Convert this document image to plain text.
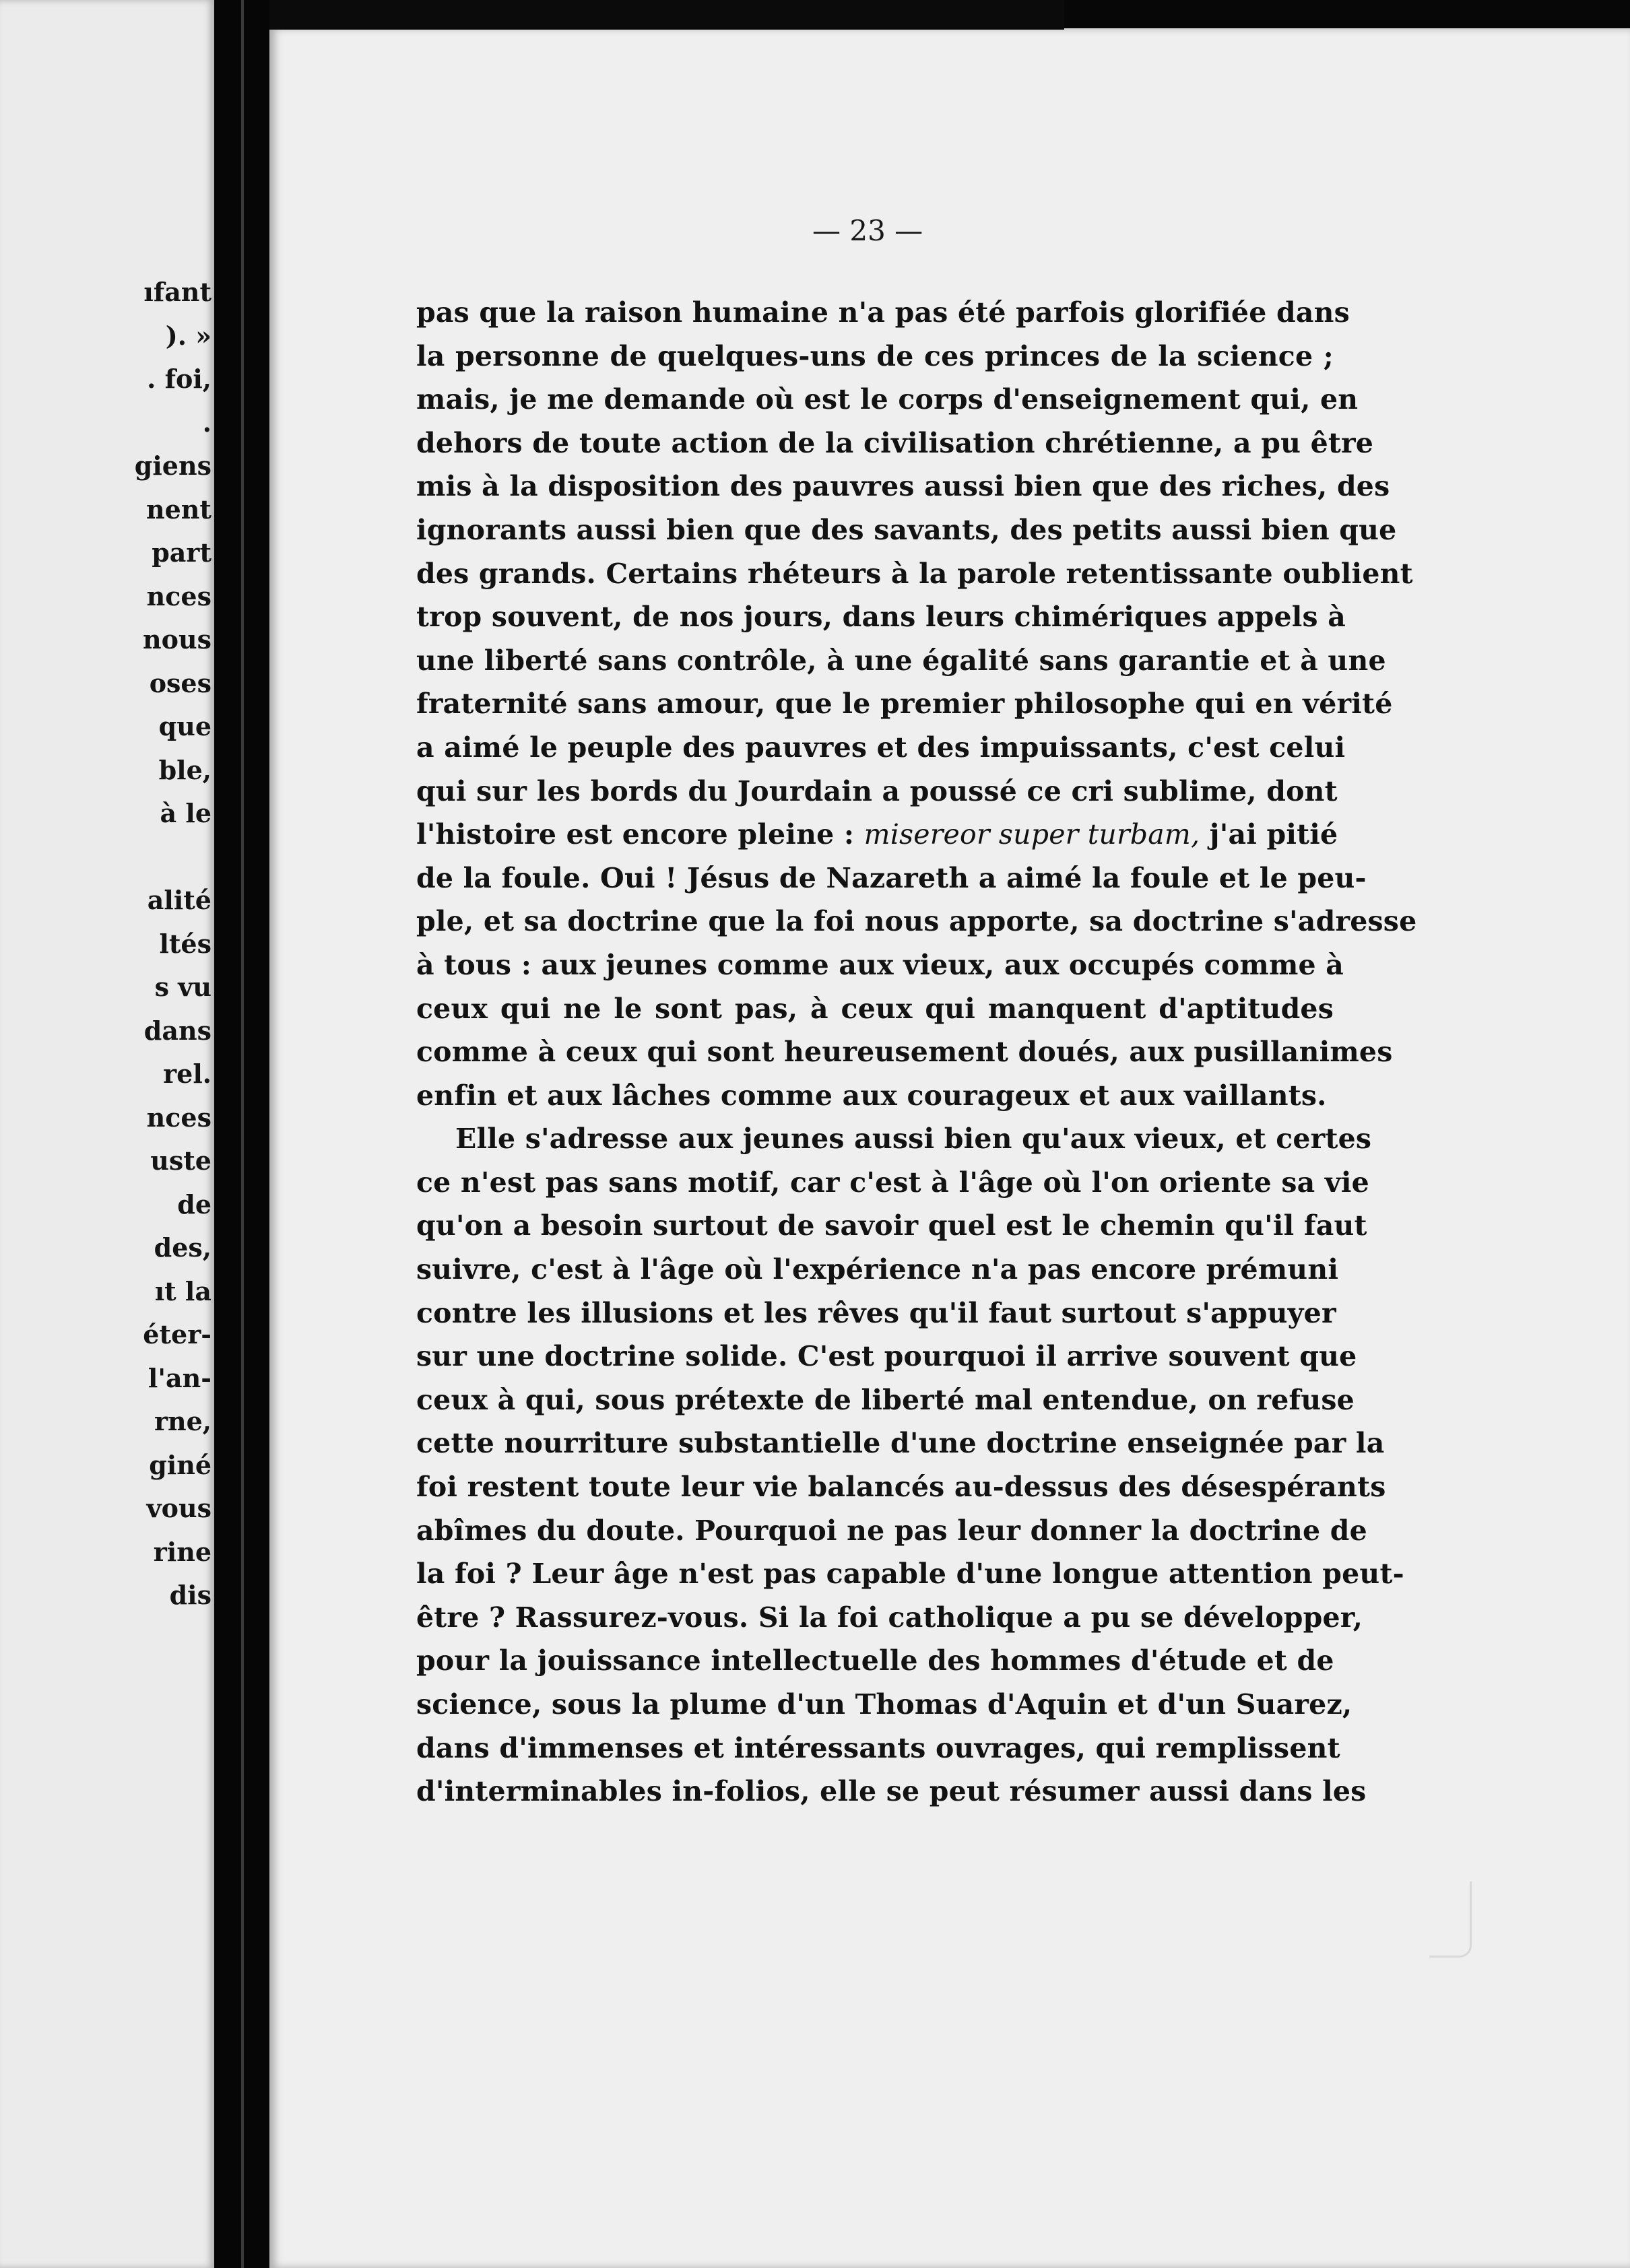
ıfant
). »
. foi,
.
giens
nent
part
nces
nous
oses
que
ble,
à le
alité
ltés
s vu
dans
rel.
nces
uste
de
des,
ıt la
éter-
l'an-
rne,
giné
vous
rine
dis
— 23 —
pas que la raison humaine n'a pas été parfois glorifiée dans
la personne de quelques-uns de ces princes de la science ;
mais, je me demande où est le corps d'enseignement qui, en
dehors de toute action de la civilisation chrétienne, a pu être
mis à la disposition des pauvres aussi bien que des riches, des
ignorants aussi bien que des savants, des petits aussi bien que
des grands. Certains rhéteurs à la parole retentissante oublient
trop souvent, de nos jours, dans leurs chimériques appels à
une liberté sans contrôle, à une égalité sans garantie et à une
fraternité sans amour, que le premier philosophe qui en vérité
a aimé le peuple des pauvres et des impuissants, c'est celui
qui sur les bords du Jourdain a poussé ce cri sublime, dont
l'histoire est encore pleine : misereor super turbam, j'ai pitié
de la foule. Oui ! Jésus de Nazareth a aimé la foule et le peu-
ple, et sa doctrine que la foi nous apporte, sa doctrine s'adresse
à tous : aux jeunes comme aux vieux, aux occupés comme à
ceux qui ne le sont pas, à ceux qui manquent d'aptitudes
comme à ceux qui sont heureusement doués, aux pusillanimes
enfin et aux lâches comme aux courageux et aux vaillants.
Elle s'adresse aux jeunes aussi bien qu'aux vieux, et certes
ce n'est pas sans motif, car c'est à l'âge où l'on oriente sa vie
qu'on a besoin surtout de savoir quel est le chemin qu'il faut
suivre, c'est à l'âge où l'expérience n'a pas encore prémuni
contre les illusions et les rêves qu'il faut surtout s'appuyer
sur une doctrine solide. C'est pourquoi il arrive souvent que
ceux à qui, sous prétexte de liberté mal entendue, on refuse
cette nourriture substantielle d'une doctrine enseignée par la
foi restent toute leur vie balancés au-dessus des désespérants
abîmes du doute. Pourquoi ne pas leur donner la doctrine de
la foi ? Leur âge n'est pas capable d'une longue attention peut-
être ? Rassurez-vous. Si la foi catholique a pu se développer,
pour la jouissance intellectuelle des hommes d'étude et de
science, sous la plume d'un Thomas d'Aquin et d'un Suarez,
dans d'immenses et intéressants ouvrages, qui remplissent
d'interminables in-folios, elle se peut résumer aussi dans les
